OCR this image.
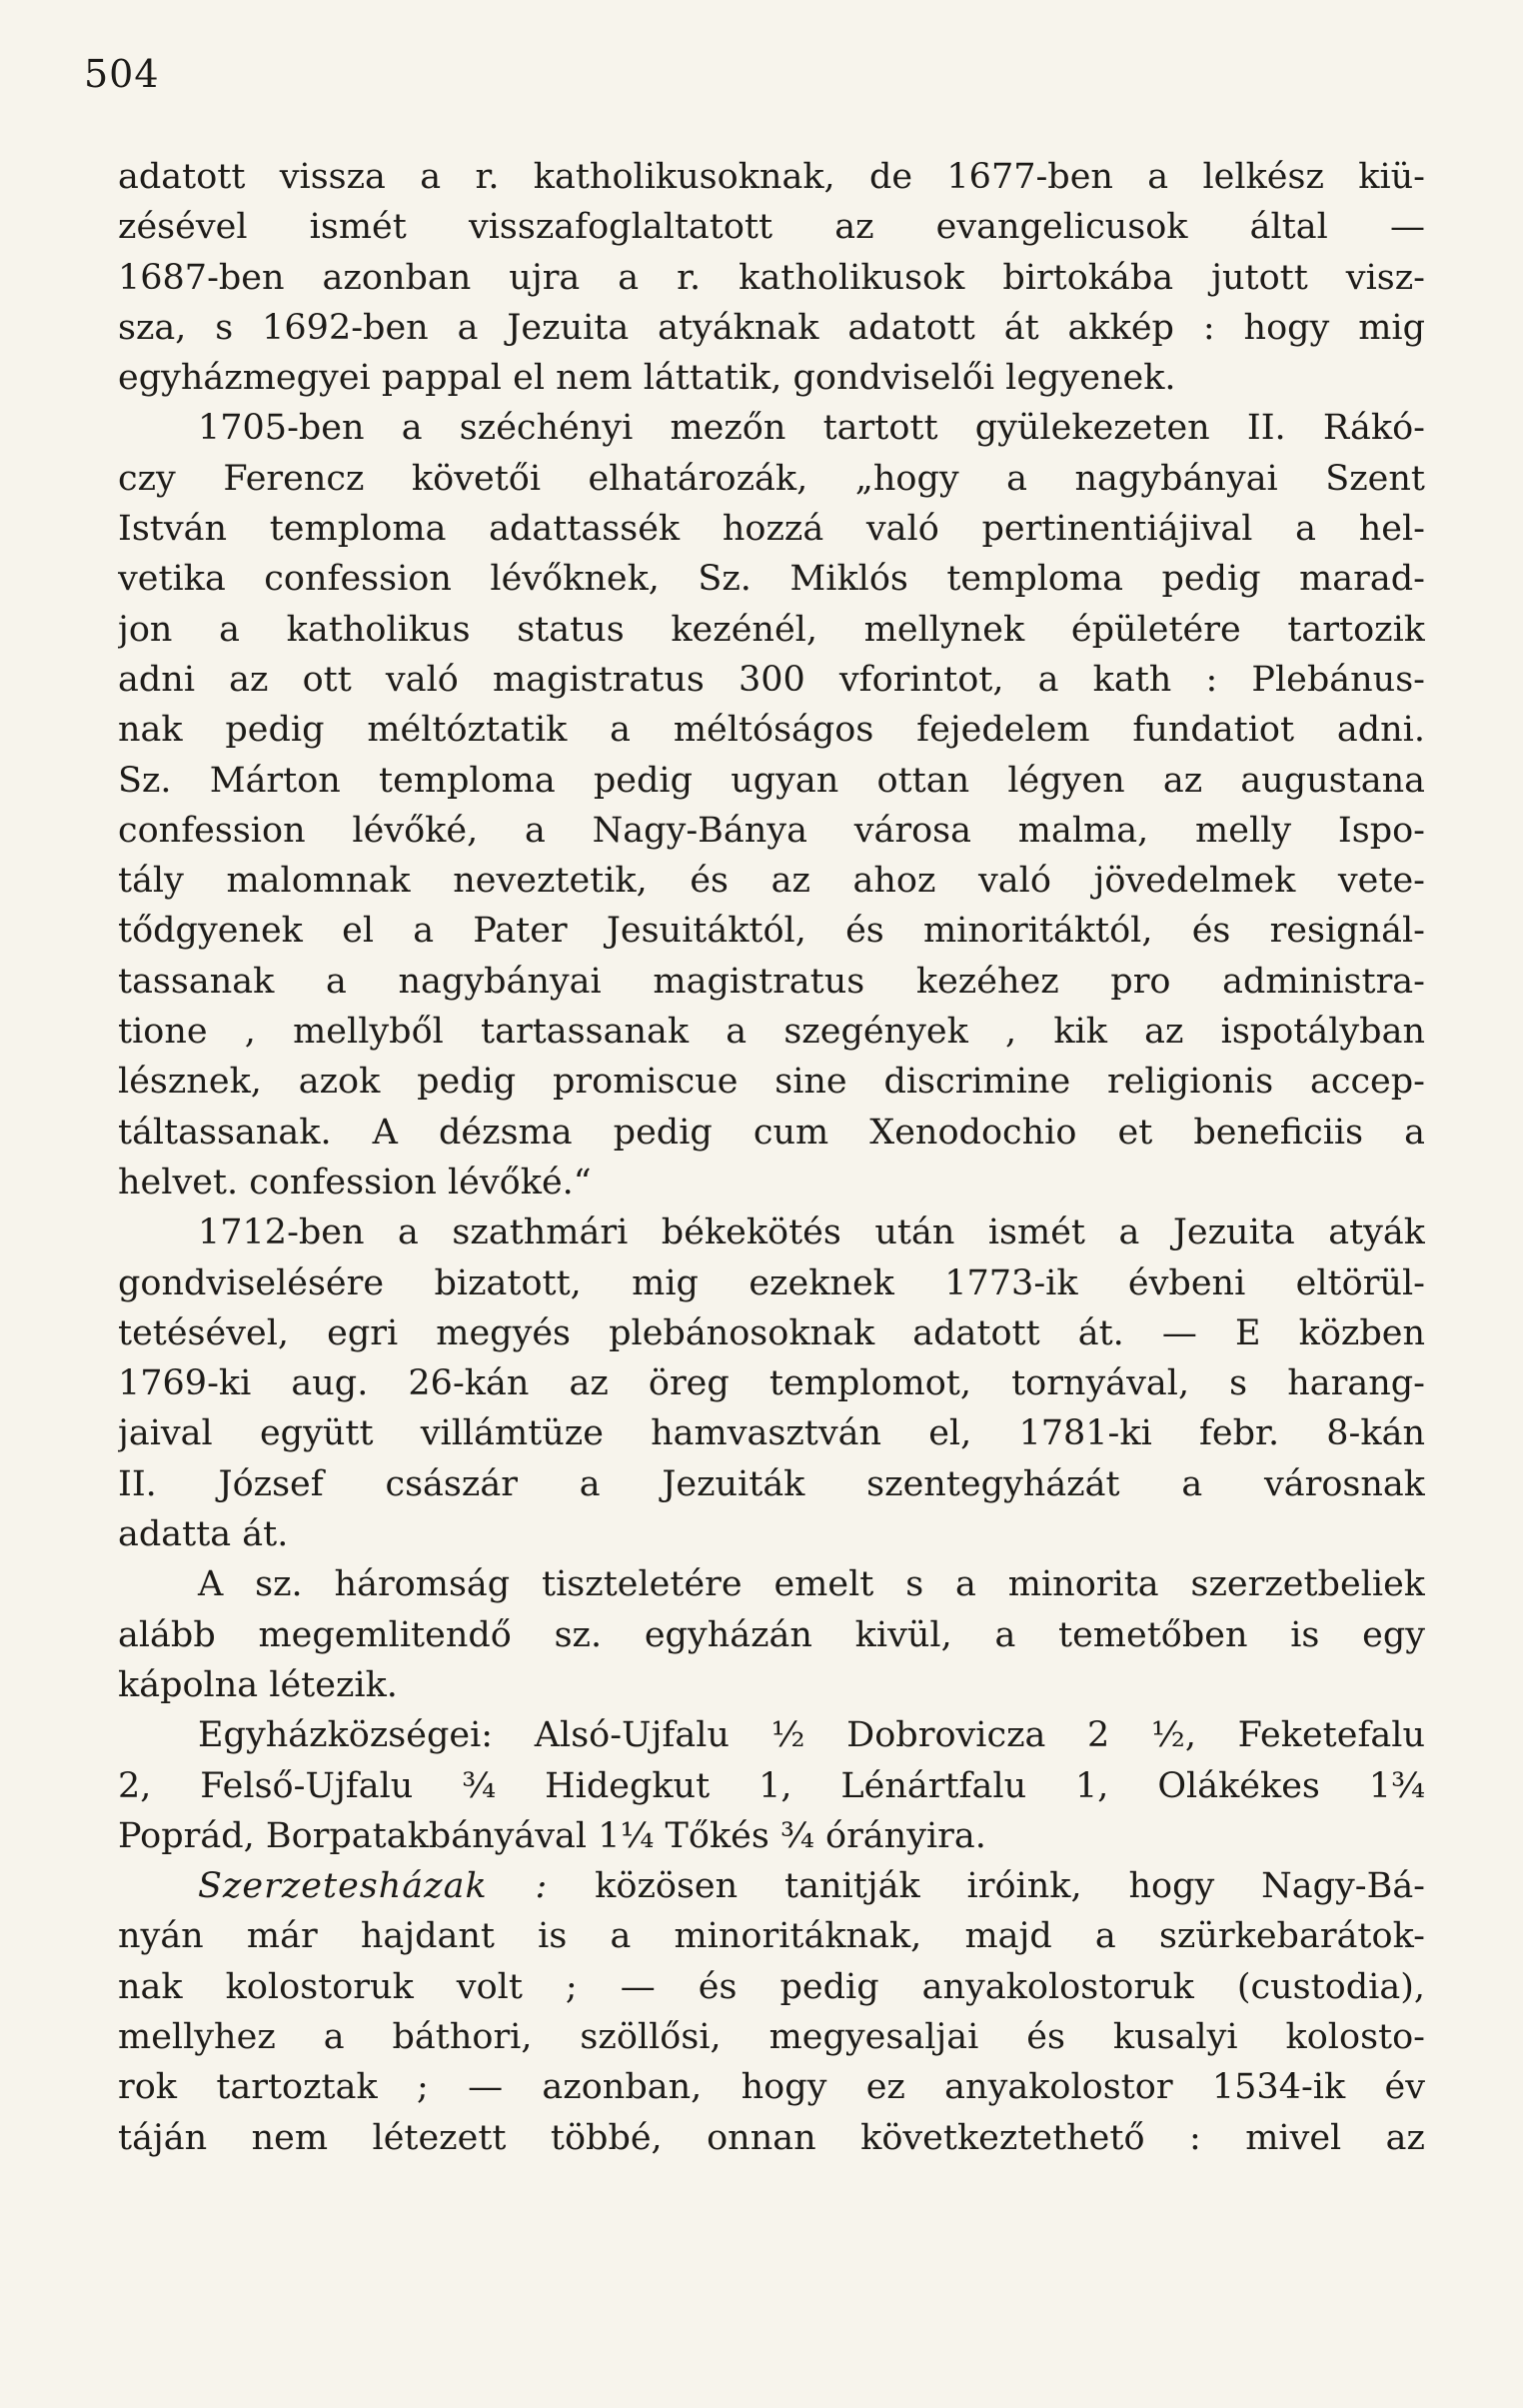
504
adatott vissza a r. katholikusoknak, de 1677-ben a lelkész kiü-
zésével ismét visszafoglaltatott az evangelicusok által —
1687-ben azonban ujra a r. katholikusok birtokába jutott visz-
sza, s 1692-ben a Jezuita atyáknak adatott át akkép : hogy mig
egyházmegyei pappal el nem láttatik, gondviselői legyenek.
1705-ben a széchényi mezőn tartott gyülekezeten II. Rákó-
czy Ferencz követői elhatározák, „hogy a nagybányai Szent
István temploma adattassék hozzá való pertinentiájival a hel-
vetika confession lévőknek, Sz. Miklós temploma pedig marad-
jon a katholikus status kezénél, mellynek épületére tartozik
adni az ott való magistratus 300 vforintot, a kath : Plebánus-
nak pedig méltóztatik a méltóságos fejedelem fundatiot adni.
Sz. Márton temploma pedig ugyan ottan légyen az augustana
confession lévőké, a Nagy-Bánya városa malma, melly Ispo-
tály malomnak neveztetik, és az ahoz való jövedelmek vete-
tődgyenek el a Pater Jesuitáktól, és minoritáktól, és resignál-
tassanak a nagybányai magistratus kezéhez pro administra-
tione , mellyből tartassanak a szegények , kik az ispotályban
lésznek, azok pedig promiscue sine discrimine religionis accep-
táltassanak. A dézsma pedig cum Xenodochio et beneficiis a
helvet. confession lévőké.“
1712-ben a szathmári békekötés után ismét a Jezuita atyák
gondviselésére bizatott, mig ezeknek 1773-ik évbeni eltörül-
tetésével, egri megyés plebánosoknak adatott át. — E közben
1769-ki aug. 26-kán az öreg templomot, tornyával, s harang-
jaival együtt villámtüze hamvasztván el, 1781-ki febr. 8-kán
II. József császár a Jezuiták szentegyházát a városnak
adatta át.
A sz. háromság tiszteletére emelt s a minorita szerzetbeliek
alább megemlitendő sz. egyházán kivül, a temetőben is egy
kápolna létezik.
Egyházközségei: Alsó-Ujfalu ½ Dobrovicza 2 ½, Feketefalu
2, Felső-Ujfalu ¾ Hidegkut 1, Lénártfalu 1, Olákékes 1¾
Poprád, Borpatakbányával 1¼ Tőkés ¾ órányira.
Szerzetesházak : közösen tanitják iróink, hogy Nagy-Bá-
nyán már hajdant is a minoritáknak, majd a szürkebarátok-
nak kolostoruk volt ; — és pedig anyakolostoruk (custodia),
mellyhez a báthori, szöllősi, megyesaljai és kusalyi kolosto-
rok tartoztak ; — azonban, hogy ez anyakolostor 1534-ik év
táján nem létezett többé, onnan következtethető : mivel az
